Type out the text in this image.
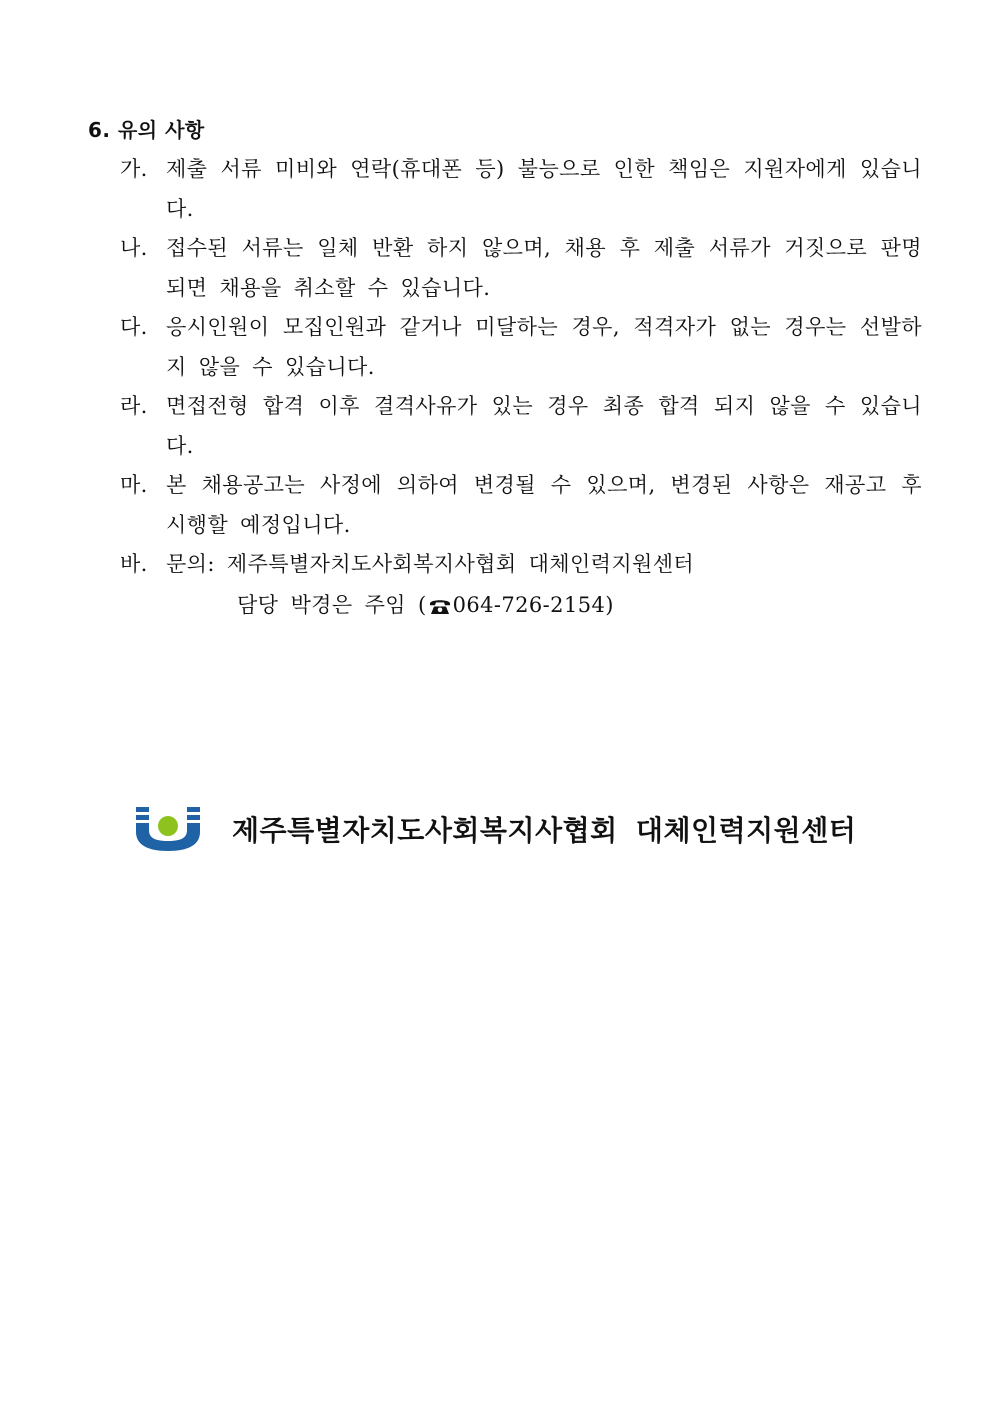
6. 유의 사항
가. 제출 서류 미비와 연락(휴대폰 등) 불능으로 인한 책임은 지원자에게 있습니다.
나. 접수된 서류는 일체 반환 하지 않으며, 채용 후 제출 서류가 거짓으로 판명되면 채용을 취소할 수 있습니다.
다. 응시인원이 모집인원과 같거나 미달하는 경우, 적격자가 없는 경우는 선발하지 않을 수 있습니다.
라. 면접전형 합격 이후 결격사유가 있는 경우 최종 합격 되지 않을 수 있습니다.
마. 본 채용공고는 사정에 의하여 변경될 수 있으며, 변경된 사항은 재공고 후 시행할 예정입니다.
바. 문의: 제주특별자치도사회복지사협회 대체인력지원센터
담당 박경은 주임 ( 064-726-2154)
제주특별자치도사회복지사협회 대체인력지원센터
